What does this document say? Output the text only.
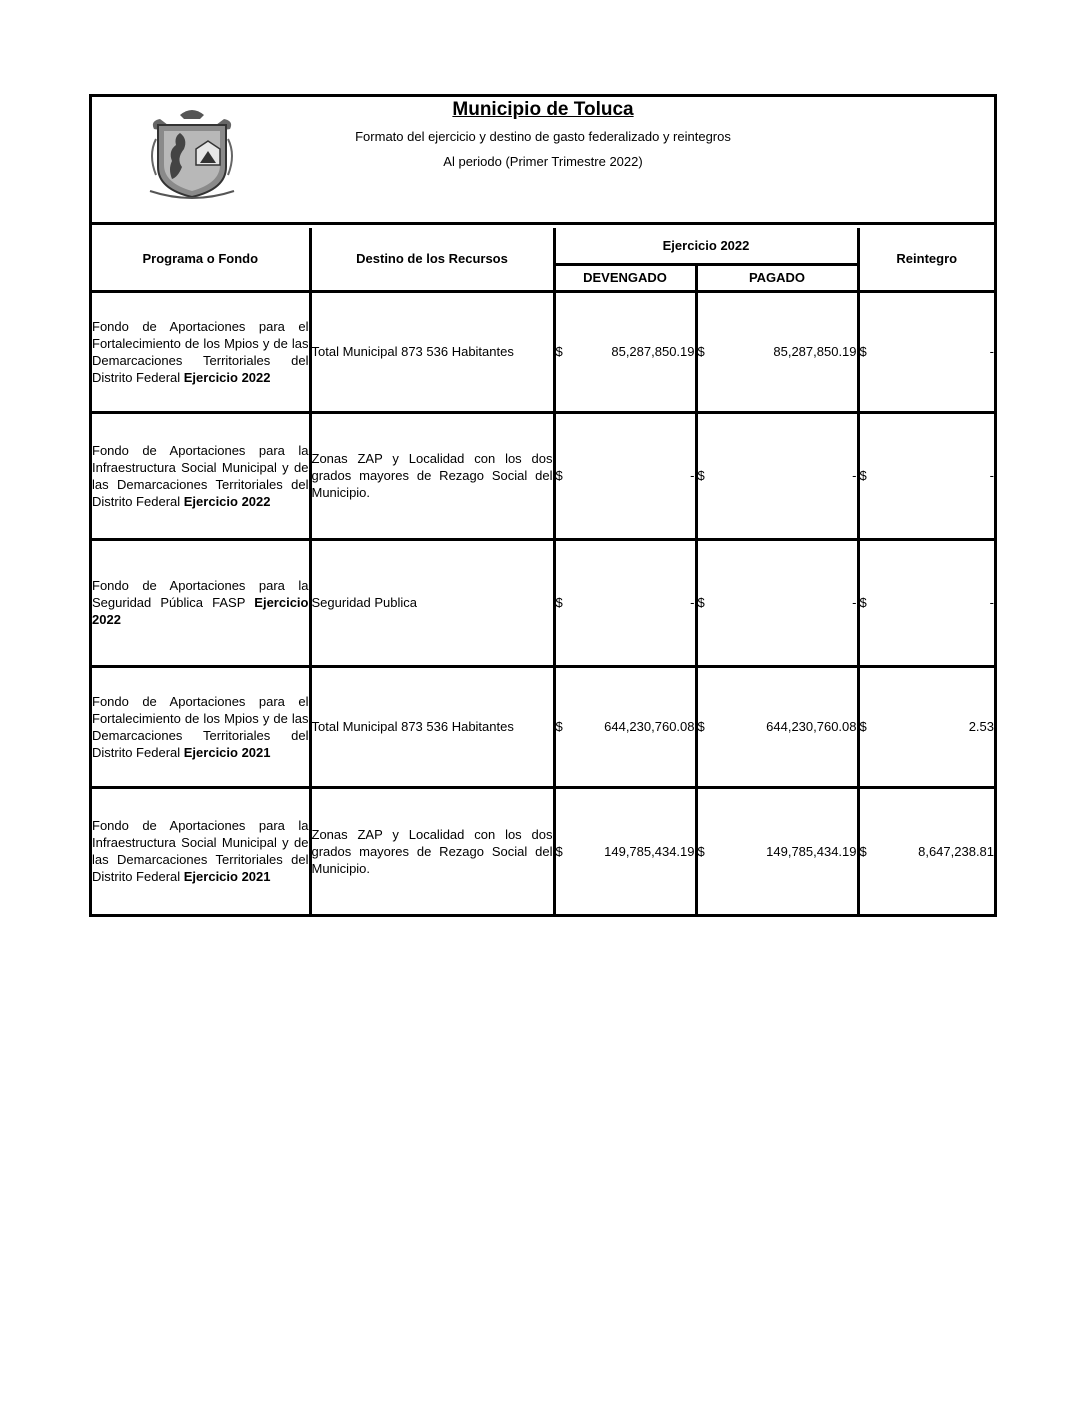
Municipio de Toluca
Formato del ejercicio y destino de gasto federalizado y reintegros
Al periodo (Primer Trimestre 2022)
Programa o Fondo	Destino de los Recursos	Ejercicio 2022		Reintegro
		DEVENGADO	PAGADO	
Fondo de Aportaciones para el Fortalecimiento de los Mpios y de las Demarcaciones Territoriales del Distrito Federal Ejercicio 2022	Total Municipal 873 536 Habitantes	$ 85,287,850.19	$ 85,287,850.19	$ -

Fondo de Aportaciones para la Infraestructura Social Municipal y de las Demarcaciones Territoriales del Distrito Federal Ejercicio 2022	Zonas ZAP y Localidad con los dos grados mayores de Rezago Social del Municipio.	$ -	$ -	$ -

Fondo de Aportaciones para la Seguridad Pública FASP Ejercicio 2022	Seguridad Publica	$ -	$ -	$ -

Fondo de Aportaciones para el Fortalecimiento de los Mpios y de las Demarcaciones Territoriales del Distrito Federal Ejercicio 2021	Total Municipal 873 536 Habitantes	$ 644,230,760.08	$ 644,230,760.08	$ 2.53

Fondo de Aportaciones para la Infraestructura Social Municipal y de las Demarcaciones Territoriales del Distrito Federal Ejercicio 2021	Zonas ZAP y Localidad con los dos grados mayores de Rezago Social del Municipio.	$ 149,785,434.19	$ 149,785,434.19	$ 8,647,238.81
